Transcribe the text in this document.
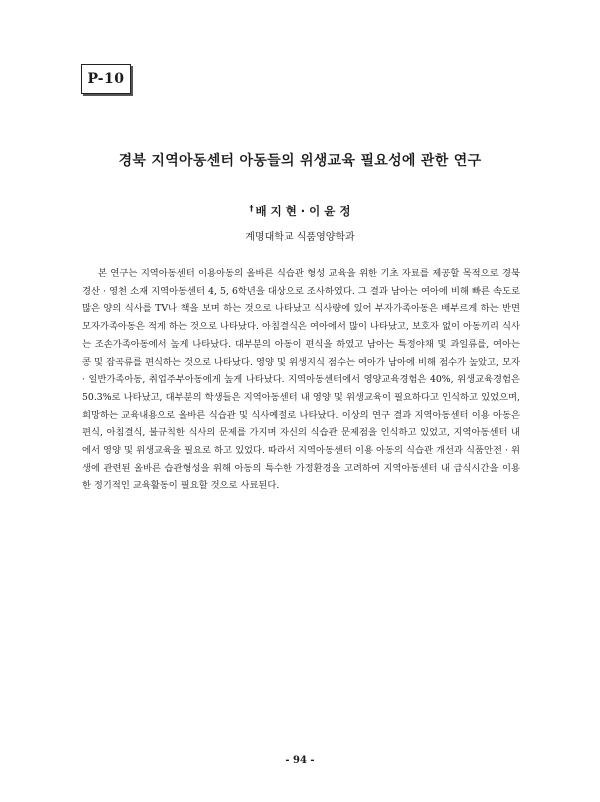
P-10
경북 지역아동센터 아동들의 위생교육 필요성에 관한 연구
† 배 지 현 · 이 윤 정
계명대학교 식품영양학과

본 연구는 지역아동센터 이용아동의 올바른 식습관 형성 교육을 위한 기초 자료를 제공할 목적으로 경북 경산 · 영천 소재 지역아동센터 4, 5, 6학년을 대상으로 조사하였다. 그 결과 남아는 여아에 비해 빠른 속도로 많은 양의 식사를 TV나 책을 보며 하는 것으로 나타났고 식사량에 있어 부자가족아동은 배부르게 하는 반면 모자가족아동은 적게 하는 것으로 나타났다. 아침결식은 여아에서 많이 나타났고, 보호자 없이 아동끼리 식사는 조손가족아동에서 높게 나타났다. 대부분의 아동이 편식을 하였고 남아는 특정야채 및 과일류를, 여아는 콩 및 잡곡류를 편식하는 것으로 나타났다. 영양 및 위생지식 점수는 여아가 남아에 비해 점수가 높았고, 모자 · 일반가족아동, 취업주부아동에게 높게 나타났다. 지역아동센터에서 영양교육경험은 40%, 위생교육경험은 50.3%로 나타났고, 대부분의 학생들은 지역아동센터 내 영양 및 위생교육이 필요하다고 인식하고 있었으며, 희망하는 교육내용으로 올바른 식습관 및 식사예절로 나타났다. 이상의 연구 결과 지역아동센터 이용 아동은 편식, 아침결식, 불규칙한 식사의 문제를 가지며 자신의 식습관 문제점을 인식하고 있었고, 지역아동센터 내에서 영양 및 위생교육을 필요로 하고 있었다. 따라서 지역아동센터 이용 아동의 식습관 개선과 식품안전 · 위생에 관련된 올바른 습관형성을 위해 아동의 특수한 가정환경을 고려하여 지역아동센터 내 급식시간을 이용한 정기적인 교육활동이 필요할 것으로 사료된다.

- 94 -
